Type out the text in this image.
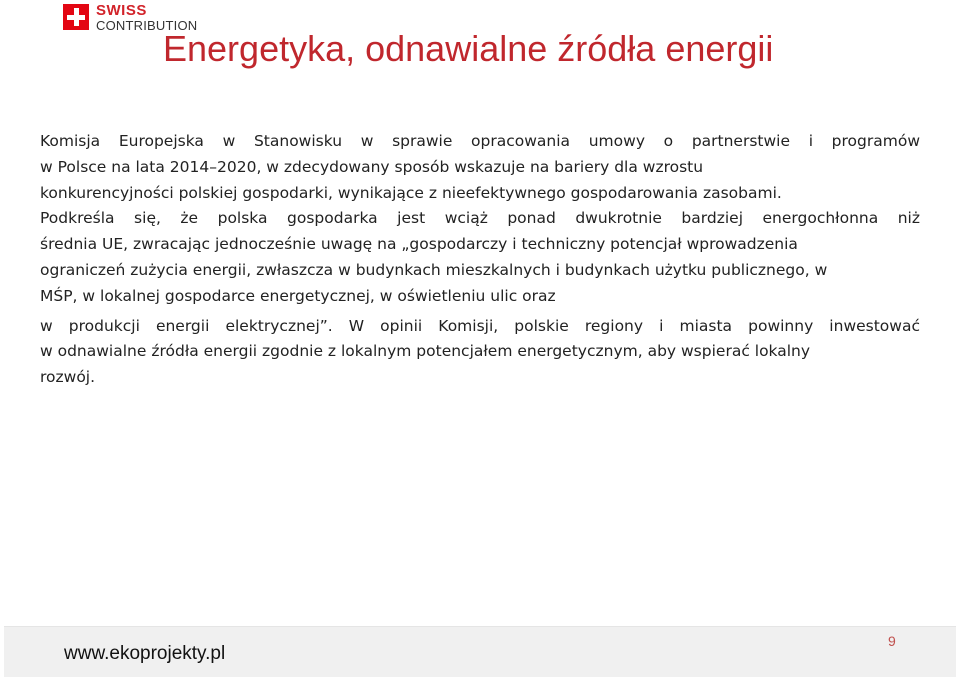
SWISS
CONTRIBUTION
Energetyka, odnawialne źródła energii
Komisja Europejska w Stanowisku w sprawie opracowania umowy o partnerstwie i programów
w Polsce na lata 2014–2020, w zdecydowany sposób wskazuje na bariery dla wzrostu
konkurencyjności polskiej gospodarki, wynikające z nieefektywnego gospodarowania zasobami.
Podkreśla się, że polska gospodarka jest wciąż ponad dwukrotnie bardziej energochłonna niż
średnia UE, zwracając jednocześnie uwagę na „gospodarczy i techniczny potencjał wprowadzenia
ograniczeń zużycia energii, zwłaszcza w budynkach mieszkalnych i budynkach użytku publicznego, w
MŚP, w lokalnej gospodarce energetycznej, w oświetleniu ulic oraz
w produkcji energii elektrycznej”. W opinii Komisji, polskie regiony i miasta powinny inwestować
w odnawialne źródła energii zgodnie z lokalnym potencjałem energetycznym, aby wspierać lokalny
rozwój.
www.ekoprojekty.pl
9
